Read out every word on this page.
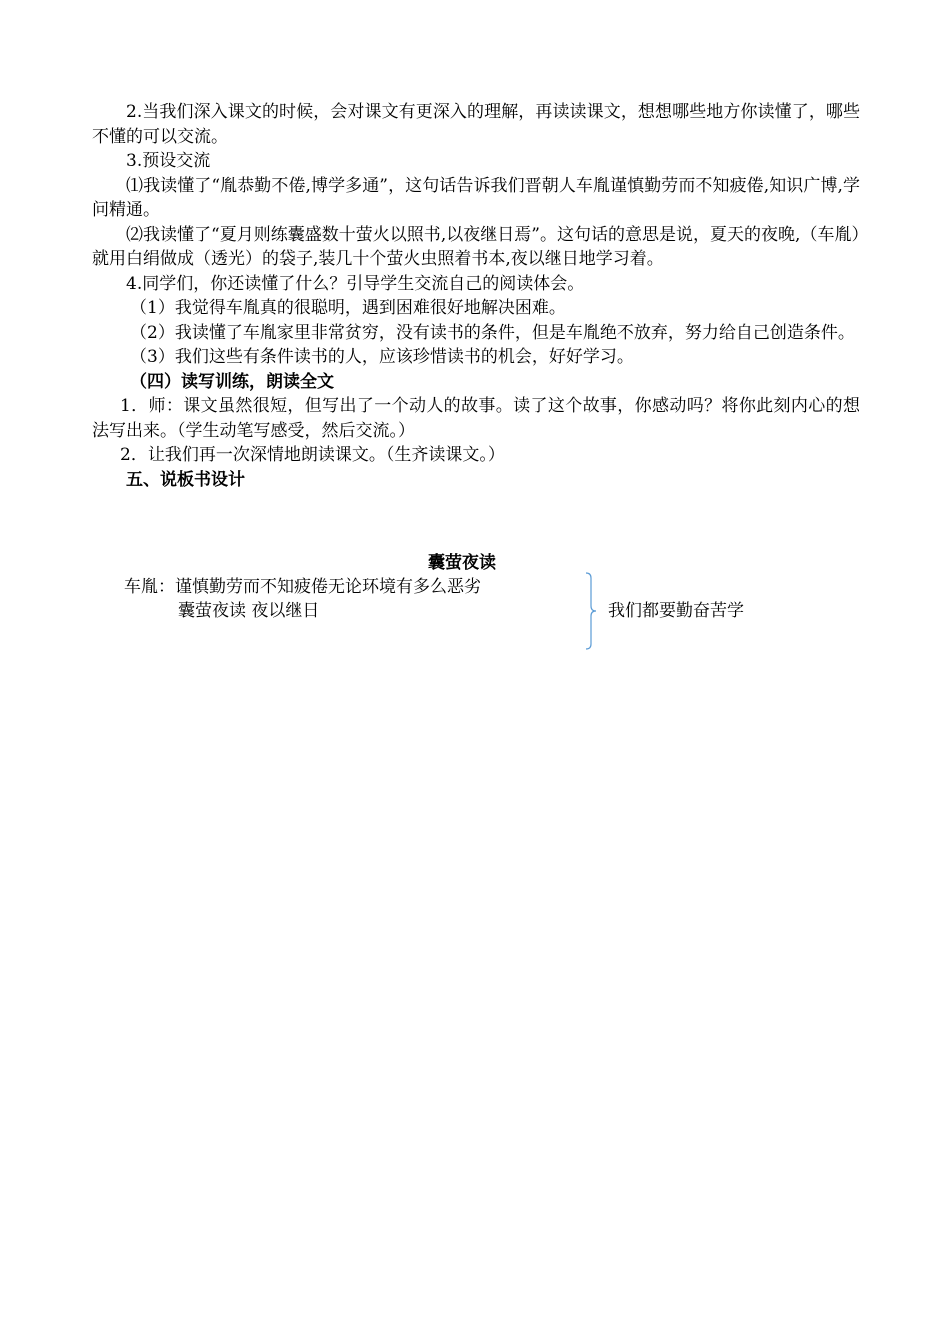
2.当我们深入课文的时候，会对课文有更深入的理解，再读读课文，想想哪些地方你读懂了，哪些不懂的可以交流。

3.预设交流

⑴我读懂了“胤恭勤不倦,博学多通”，这句话告诉我们晋朝人车胤谨慎勤劳而不知疲倦,知识广博,学问精通。

⑵我读懂了“夏月则练囊盛数十萤火以照书,以夜继日焉”。这句话的意思是说，夏天的夜晚,（车胤）就用白绢做成（透光）的袋子,装几十个萤火虫照着书本,夜以继日地学习着。

4.同学们，你还读懂了什么？引导学生交流自己的阅读体会。

（1）我觉得车胤真的很聪明，遇到困难很好地解决困难。

（2）我读懂了车胤家里非常贫穷，没有读书的条件，但是车胤绝不放弃，努力给自己创造条件。

（3）我们这些有条件读书的人，应该珍惜读书的机会，好好学习。

（四）读写训练，朗读全文

1．师：课文虽然很短，但写出了一个动人的故事。读了这个故事，你感动吗？将你此刻内心的想法写出来。（学生动笔写感受，然后交流。）

2．让我们再一次深情地朗读课文。（生齐读课文。）

五、说板书设计

囊萤夜读
车胤：谨慎勤劳而不知疲倦无论环境有多么恶劣
囊萤夜读 夜以继日	我们都要勤奋苦学
